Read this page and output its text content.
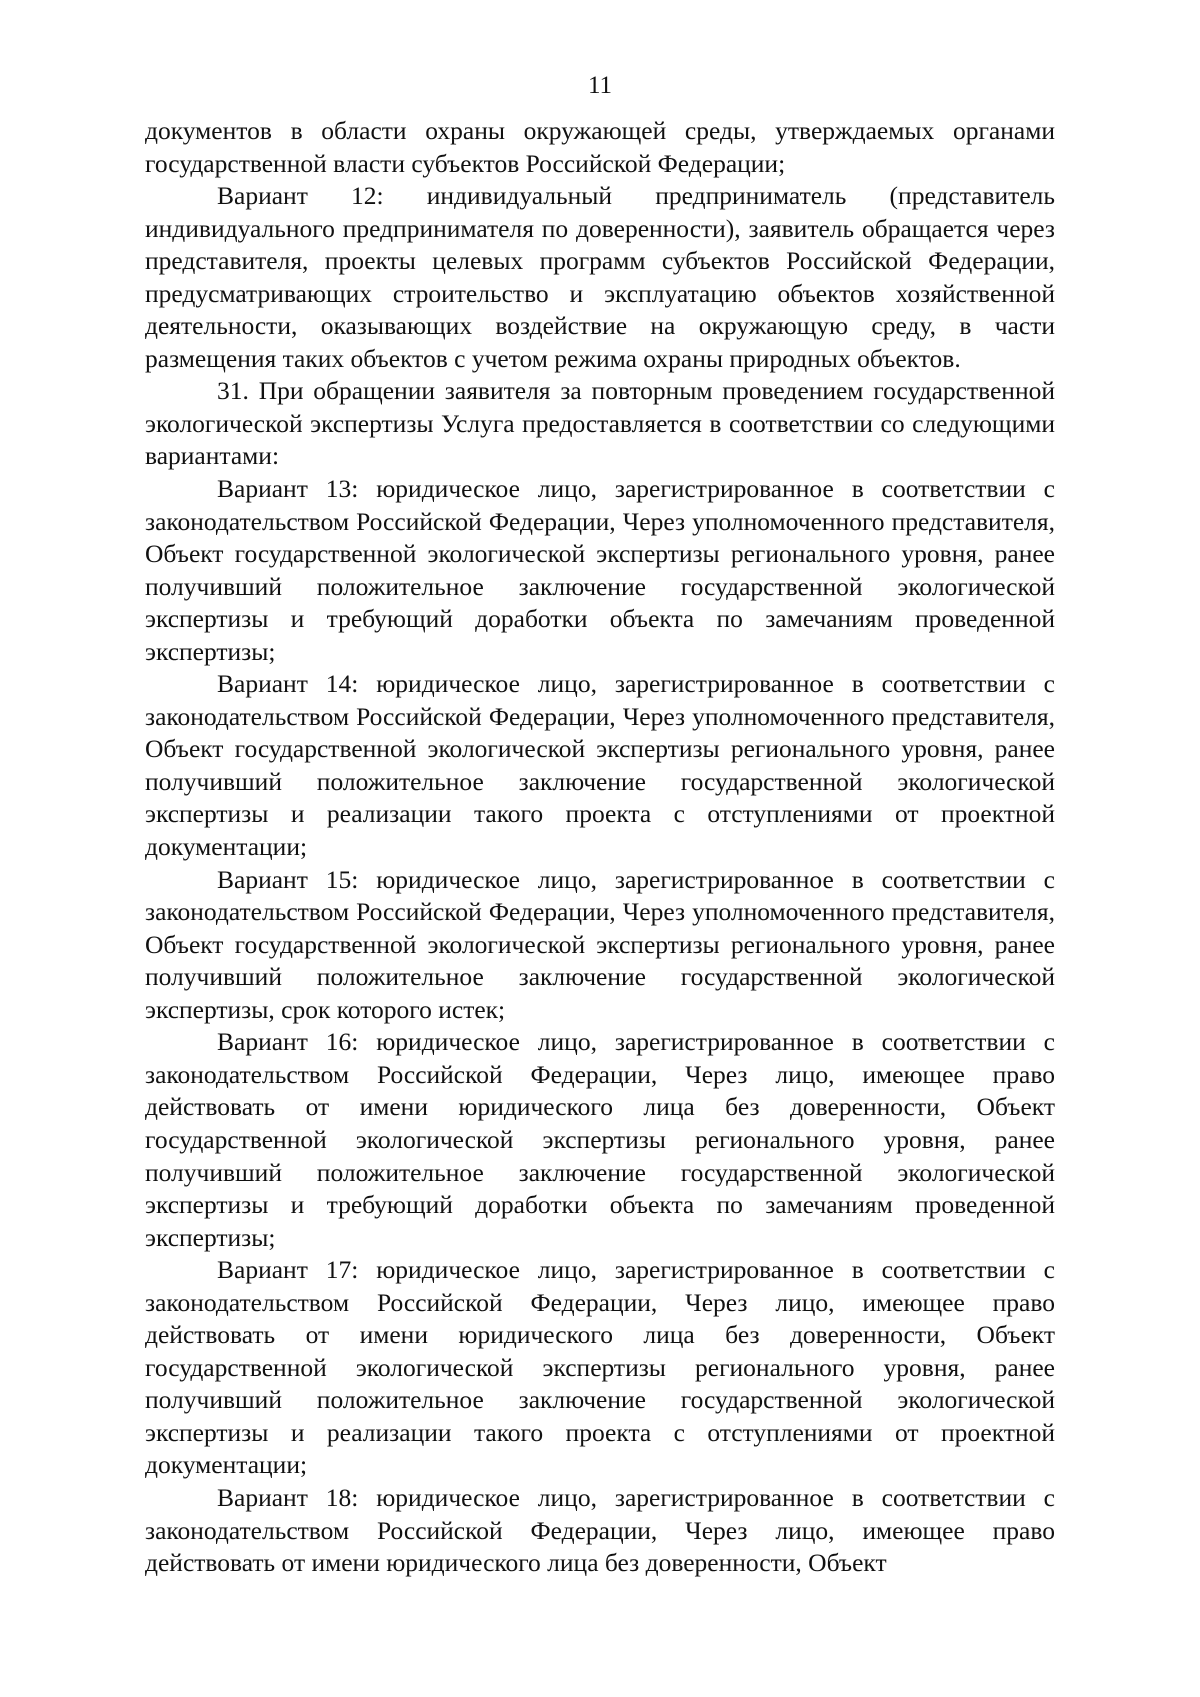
11

документов в области охраны окружающей среды, утверждаемых органами государственной власти субъектов Российской Федерации;

Вариант 12: индивидуальный предприниматель (представитель индивидуального предпринимателя по доверенности), заявитель обращается через представителя, проекты целевых программ субъектов Российской Федерации, предусматривающих строительство и эксплуатацию объектов хозяйственной деятельности, оказывающих воздействие на окружающую среду, в части размещения таких объектов с учетом режима охраны природных объектов.

31. При обращении заявителя за повторным проведением государственной экологической экспертизы Услуга предоставляется в соответствии со следующими вариантами:

Вариант 13: юридическое лицо, зарегистрированное в соответствии с законодательством Российской Федерации, Через уполномоченного представителя, Объект государственной экологической экспертизы регионального уровня, ранее получивший положительное заключение государственной экологической экспертизы и требующий доработки объекта по замечаниям проведенной экспертизы;

Вариант 14: юридическое лицо, зарегистрированное в соответствии с законодательством Российской Федерации, Через уполномоченного представителя, Объект государственной экологической экспертизы регионального уровня, ранее получивший положительное заключение государственной экологической экспертизы и реализации такого проекта с отступлениями от проектной документации;

Вариант 15: юридическое лицо, зарегистрированное в соответствии с законодательством Российской Федерации, Через уполномоченного представителя, Объект государственной экологической экспертизы регионального уровня, ранее получивший положительное заключение государственной экологической экспертизы, срок которого истек;

Вариант 16: юридическое лицо, зарегистрированное в соответствии с законодательством Российской Федерации, Через лицо, имеющее право действовать от имени юридического лица без доверенности, Объект государственной экологической экспертизы регионального уровня, ранее получивший положительное заключение государственной экологической экспертизы и требующий доработки объекта по замечаниям проведенной экспертизы;

Вариант 17: юридическое лицо, зарегистрированное в соответствии с законодательством Российской Федерации, Через лицо, имеющее право действовать от имени юридического лица без доверенности, Объект государственной экологической экспертизы регионального уровня, ранее получивший положительное заключение государственной экологической экспертизы и реализации такого проекта с отступлениями от проектной документации;

Вариант 18: юридическое лицо, зарегистрированное в соответствии с законодательством Российской Федерации, Через лицо, имеющее право действовать от имени юридического лица без доверенности, Объект
